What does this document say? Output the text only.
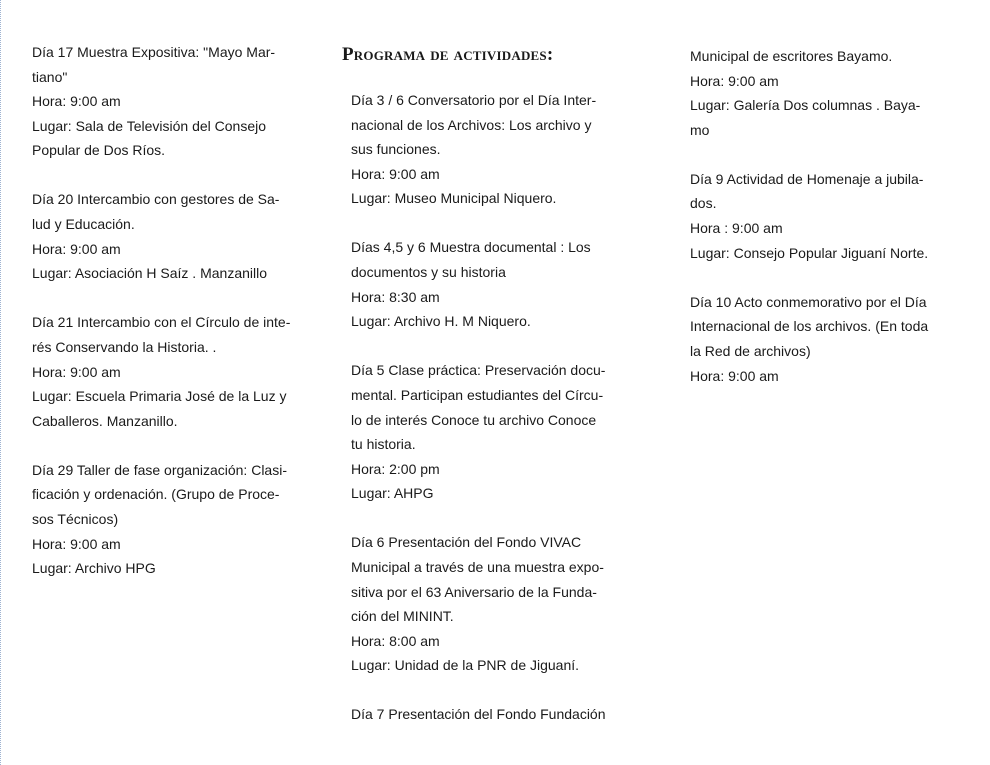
Día 17 Muestra Expositiva: "Mayo Mar-
tiano"
Hora: 9:00 am
Lugar: Sala de Televisión del Consejo
Popular de Dos Ríos.
Día 20 Intercambio con gestores de Sa-
lud y Educación.
Hora: 9:00 am
Lugar: Asociación H Saíz . Manzanillo
Día 21 Intercambio con el Círculo de inte-
rés Conservando la Historia. .
Hora: 9:00 am
Lugar: Escuela Primaria José de la Luz y
Caballeros. Manzanillo.
Día 29 Taller de fase organización: Clasi-
ficación y ordenación. (Grupo de Proce-
sos Técnicos)
Hora: 9:00 am
Lugar: Archivo HPG
Programa de actividades:
Día 3 / 6 Conversatorio por el Día Inter-
nacional de los Archivos: Los archivo y
sus funciones.
Hora: 9:00 am
Lugar: Museo Municipal Niquero.
Días 4,5 y 6 Muestra documental : Los
documentos y su historia
Hora: 8:30 am
Lugar: Archivo H. M Niquero.
Día 5 Clase práctica: Preservación docu-
mental. Participan estudiantes del Círcu-
lo de interés Conoce tu archivo Conoce
tu historia.
Hora: 2:00 pm
Lugar: AHPG
Día 6 Presentación del Fondo VIVAC
Municipal a través de una muestra expo-
sitiva por el 63 Aniversario de la Funda-
ción del MININT.
Hora: 8:00 am
Lugar: Unidad de la PNR de Jiguaní.
Día 7 Presentación del Fondo Fundación
Municipal de escritores Bayamo.
Hora: 9:00 am
Lugar: Galería Dos columnas . Baya-
mo
Día 9 Actividad de Homenaje a jubila-
dos.
Hora : 9:00 am
Lugar: Consejo Popular Jiguaní Norte.
Día 10 Acto conmemorativo por el Día
Internacional de los archivos. (En toda
la Red de archivos)
Hora: 9:00 am
